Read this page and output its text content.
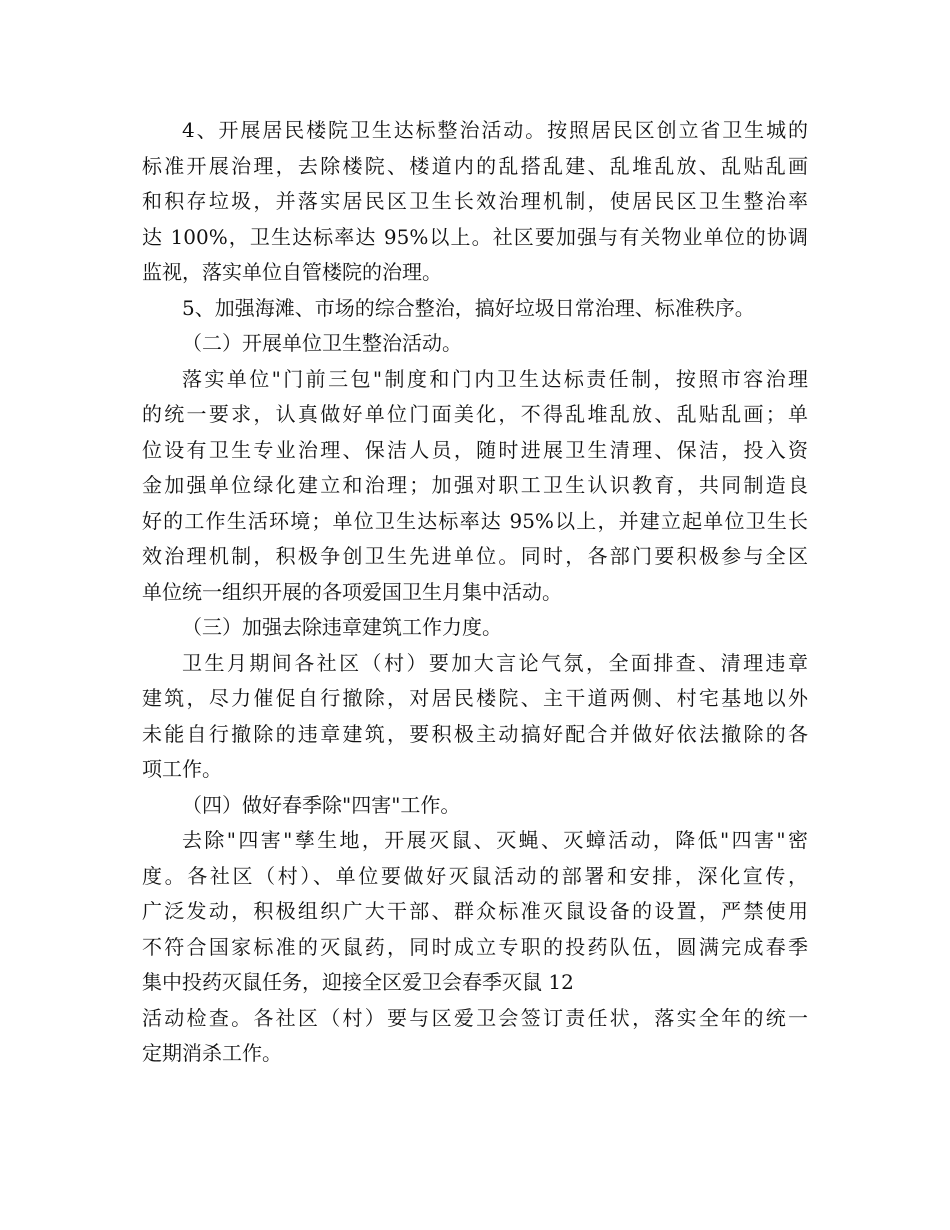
4、开展居民楼院卫生达标整治活动。按照居民区创立省卫生城的
标准开展治理，去除楼院、楼道内的乱搭乱建、乱堆乱放、乱贴乱画
和积存垃圾，并落实居民区卫生长效治理机制，使居民区卫生整治率
达 100%，卫生达标率达 95%以上。社区要加强与有关物业单位的协调
监视，落实单位自管楼院的治理。
5、加强海滩、市场的综合整治，搞好垃圾日常治理、标准秩序。
（二）开展单位卫生整治活动。
落实单位"门前三包"制度和门内卫生达标责任制，按照市容治理
的统一要求，认真做好单位门面美化，不得乱堆乱放、乱贴乱画；单
位设有卫生专业治理、保洁人员，随时进展卫生清理、保洁，投入资
金加强单位绿化建立和治理；加强对职工卫生认识教育，共同制造良
好的工作生活环境；单位卫生达标率达 95%以上，并建立起单位卫生长
效治理机制，积极争创卫生先进单位。同时，各部门要积极参与全区
单位统一组织开展的各项爱国卫生月集中活动。
（三）加强去除违章建筑工作力度。
卫生月期间各社区（村）要加大言论气氛，全面排查、清理违章
建筑，尽力催促自行撤除，对居民楼院、主干道两侧、村宅基地以外
未能自行撤除的违章建筑，要积极主动搞好配合并做好依法撤除的各
项工作。
（四）做好春季除"四害"工作。
去除"四害"孳生地，开展灭鼠、灭蝇、灭蟑活动，降低"四害"密
度。各社区（村）、单位要做好灭鼠活动的部署和安排，深化宣传，
广泛发动，积极组织广大干部、群众标准灭鼠设备的设置，严禁使用
不符合国家标准的灭鼠药，同时成立专职的投药队伍，圆满完成春季
集中投药灭鼠任务，迎接全区爱卫会春季灭鼠 12
活动检查。各社区（村）要与区爱卫会签订责任状，落实全年的统一
定期消杀工作。
